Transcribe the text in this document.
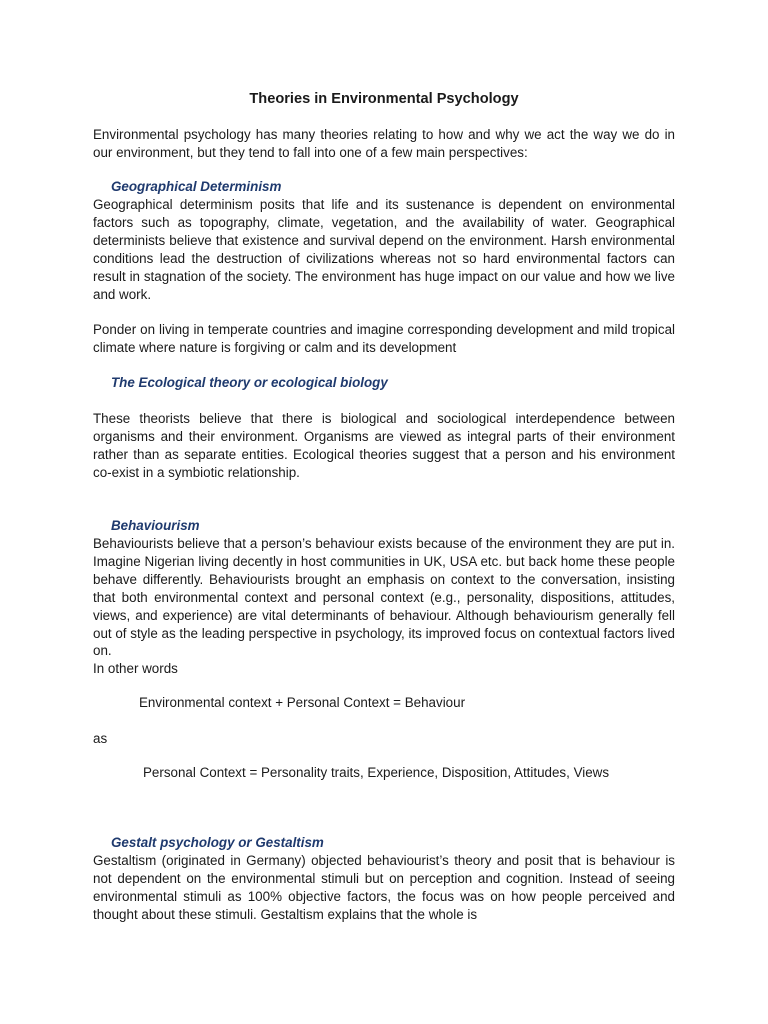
Theories in Environmental Psychology

Environmental psychology has many theories relating to how and why we act the way we do in our environment, but they tend to fall into one of a few main perspectives:

Geographical Determinism

Geographical determinism posits that life and its sustenance is dependent on environmental factors such as topography, climate, vegetation, and the availability of water. Geographical determinists believe that existence and survival depend on the environment. Harsh environmental conditions lead the destruction of civilizations whereas not so hard environmental factors can result in stagnation of the society. The environment has huge impact on our value and how we live and work.

Ponder on living in temperate countries and imagine corresponding development and mild tropical climate where nature is forgiving or calm and its development

The Ecological theory or ecological biology

These theorists believe that there is biological and sociological interdependence between organisms and their environment. Organisms are viewed as integral parts of their environment rather than as separate entities. Ecological theories suggest that a person and his environment co-exist in a symbiotic relationship.

Behaviourism

Behaviourists believe that a person’s behaviour exists because of the environment they are put in. Imagine Nigerian living decently in host communities in UK, USA etc. but back home these people behave differently. Behaviourists brought an emphasis on context to the conversation, insisting that both environmental context and personal context (e.g., personality, dispositions, attitudes, views, and experience) are vital determinants of behaviour. Although behaviourism generally fell out of style as the leading perspective in psychology, its improved focus on contextual factors lived on.

In other words

Environmental context + Personal Context = Behaviour

as

Personal Context = Personality traits, Experience, Disposition, Attitudes, Views

Gestalt psychology or Gestaltism

Gestaltism (originated in Germany) objected behaviourist’s theory and posit that is behaviour is not dependent on the environmental stimuli but on perception and cognition. Instead of seeing environmental stimuli as 100% objective factors, the focus was on how people perceived and thought about these stimuli. Gestaltism explains that the whole is
